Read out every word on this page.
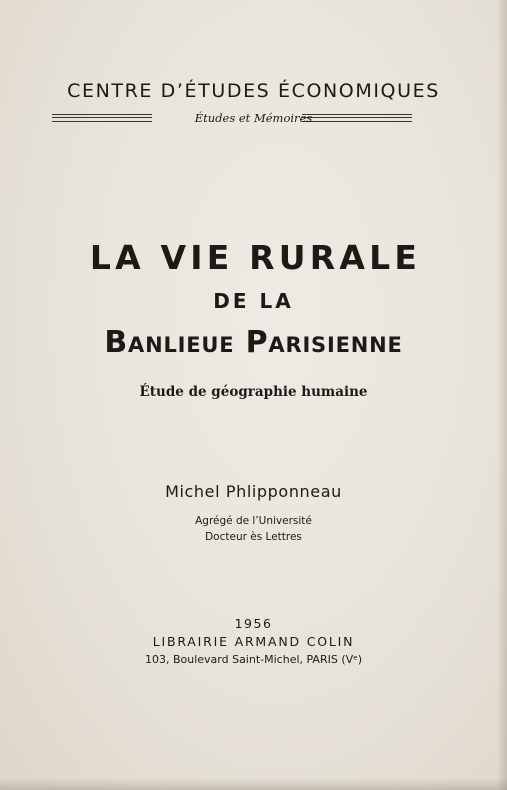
CENTRE D’ÉTUDES ÉCONOMIQUES
Études et Mémoires
LA VIE RURALE
DE LA
Banlieue Parisienne
Étude de géographie humaine
Michel Phlipponneau
Agrégé de l’Université
Docteur ès Lettres
1956
LIBRAIRIE ARMAND COLIN
103, Boulevard Saint-Michel, PARIS (Vᵉ)
